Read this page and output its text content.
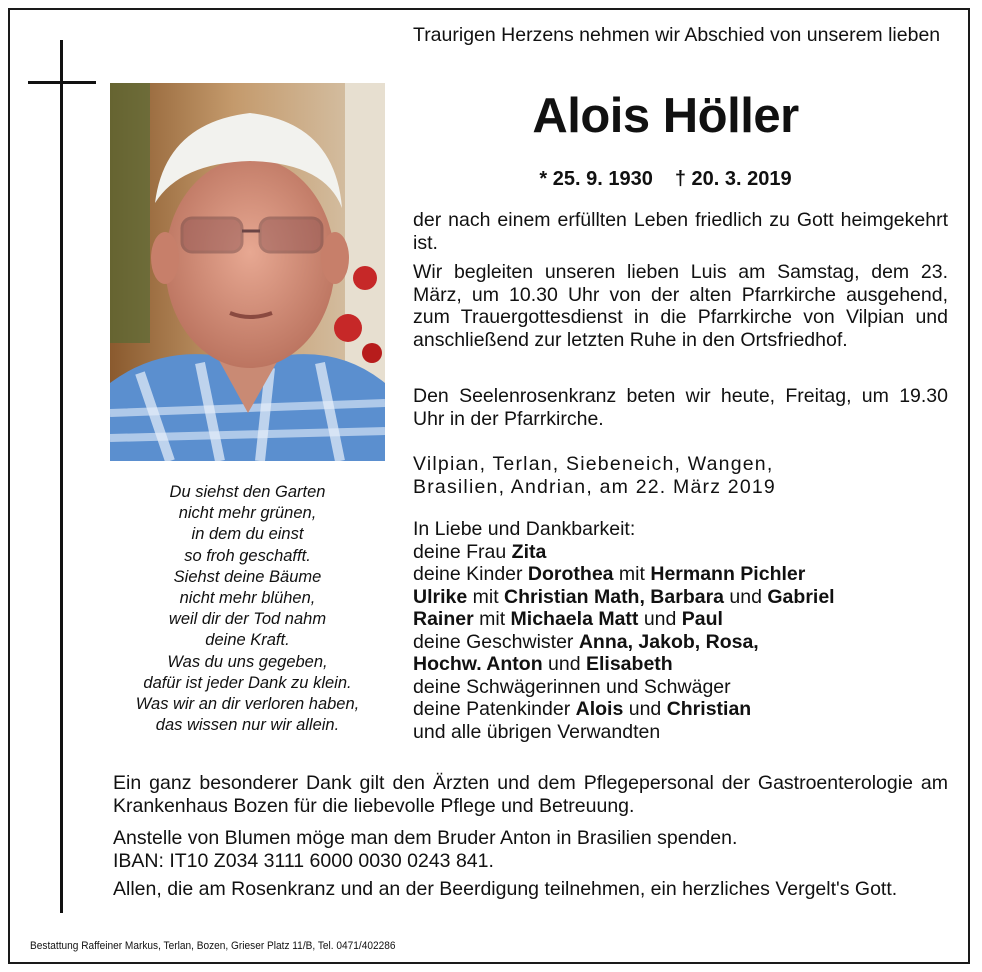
Du siehst den Garten
nicht mehr grünen,
in dem du einst
so froh geschafft.
Siehst deine Bäume
nicht mehr blühen,
weil dir der Tod nahm
deine Kraft.
Was du uns gegeben,
dafür ist jeder Dank zu klein.
Was wir an dir verloren haben,
das wissen nur wir allein.
Traurigen Herzens nehmen wir Abschied von unserem lieben
Alois Höller
* 25. 9. 1930 † 20. 3. 2019
der nach einem erfüllten Leben friedlich zu Gott heimgekehrt ist.
Wir begleiten unseren lieben Luis am Samstag, dem 23. März, um 10.30 Uhr von der alten Pfarrkirche ausgehend, zum Trauergottesdienst in die Pfarrkirche von Vilpian und anschließend zur letzten Ruhe in den Ortsfriedhof.
Den Seelenrosenkranz beten wir heute, Freitag, um 19.30 Uhr in der Pfarrkirche.
Vilpian, Terlan, Siebeneich, Wangen,
Brasilien, Andrian, am 22. März 2019
In Liebe und Dankbarkeit:
deine Frau Zita
deine Kinder Dorothea mit Hermann Pichler
Ulrike mit Christian Math, Barbara und Gabriel
Rainer mit Michaela Matt und Paul
deine Geschwister Anna, Jakob, Rosa,
Hochw. Anton und Elisabeth
deine Schwägerinnen und Schwäger
deine Patenkinder Alois und Christian
und alle übrigen Verwandten
Ein ganz besonderer Dank gilt den Ärzten und dem Pflegepersonal der Gastroenterologie am Krankenhaus Bozen für die liebevolle Pflege und Betreuung.
Anstelle von Blumen möge man dem Bruder Anton in Brasilien spenden.
IBAN: IT10 Z034 3111 6000 0030 0243 841.
Allen, die am Rosenkranz und an der Beerdigung teilnehmen, ein herzliches Vergelt's Gott.
Bestattung Raffeiner Markus, Terlan, Bozen, Grieser Platz 11/B, Tel. 0471/402286
